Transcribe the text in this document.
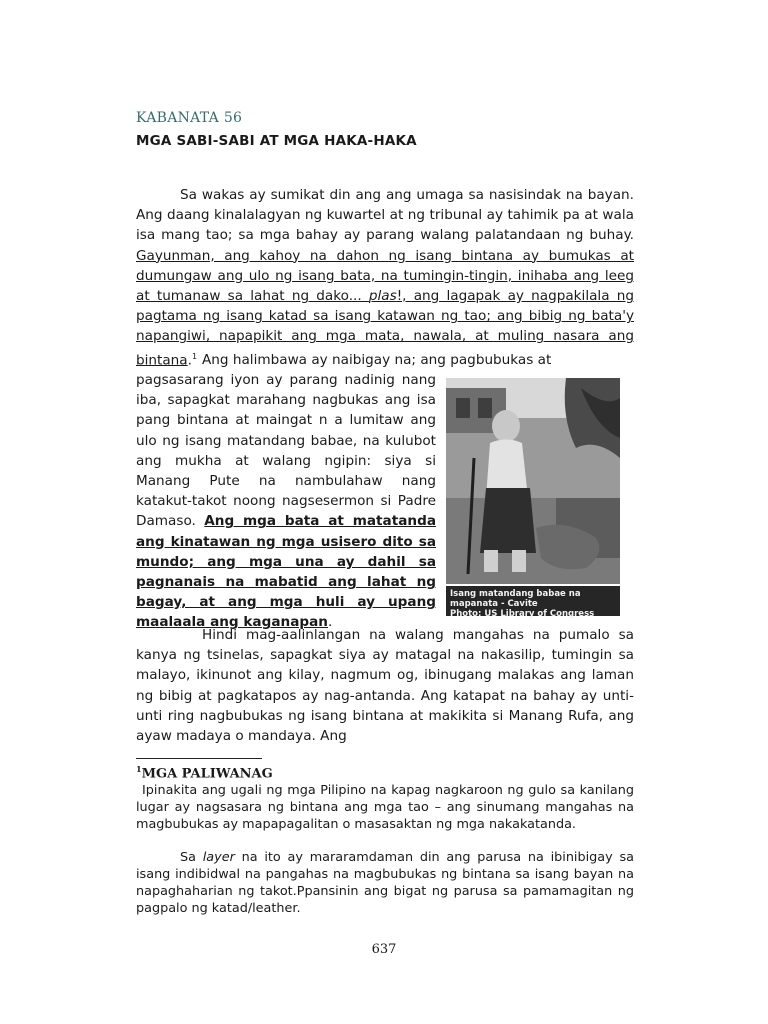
KABANATA 56
MGA SABI-SABI AT MGA HAKA-HAKA
Sa wakas ay sumikat din ang ang umaga sa nasisindak na bayan. Ang daang kinalalagyan ng kuwartel at ng tribunal ay tahimik pa at wala isa mang tao; sa mga bahay ay parang walang palatandaan ng buhay. Gayunman, ang kahoy na dahon ng isang bintana ay bumukas at dumungaw ang ulo ng isang bata, na tumingin-tingin, inihaba ang leeg at tumanaw sa lahat ng dako... plas!, ang lagapak ay nagpakilala ng pagtama ng isang katad sa isang katawan ng tao; ang bibig ng bata'y napangiwi, napapikit ang mga mata, nawala, at muling nasara ang bintana.$^1$ Ang halimbawa ay naibigay na; ang pagbubukas at
pagsasarang iyon ay parang nadinig nang iba, sapagkat marahang nagbukas ang isa pang bintana at maingat n a lumitaw ang ulo ng isang matandang babae, na kulubot ang mukha at walang ngipin: siya si Manang Pute na nambulahaw nang katakut-takot noong nagsesermon si Padre Damaso. Ang mga bata at matatanda ang kinatawan ng mga usisero dito sa mundo; ang mga una ay dahil sa pagnanais na mabatid ang lahat ng bagay, at ang mga huli ay upang maalaala ang kaganapan.
Isang matandang babae na mapanata - Cavite
Photo: US Library of Congress
Hindi mag-aalinlangan na walang mangahas na pumalo sa kanya ng tsinelas, sapagkat siya ay matagal na nakasilip, tumingin sa malayo, ikinunot ang kilay, nagmum og, ibinugang malakas ang laman ng bibig at pagkatapos ay nag-antanda. Ang katapat na bahay ay unti-unti ring nagbubukas ng isang bintana at makikita si Manang Rufa, ang ayaw madaya o mandaya. Ang
$^1$MGA PALIWANAG
Ipinakita ang ugali ng mga Pilipino na kapag nagkaroon ng gulo sa kanilang lugar ay nagsasara ng bintana ang mga tao – ang sinumang mangahas na magbubukas ay mapapagalitan o masasaktan ng mga nakakatanda.
Sa layer na ito ay mararamdaman din ang parusa na ibinibigay sa isang indibidwal na pangahas na magbubukas ng bintana sa isang bayan na napaghaharian ng takot.Ppansinin ang bigat ng parusa sa pamamagitan ng pagpalo ng katad/leather.
637
